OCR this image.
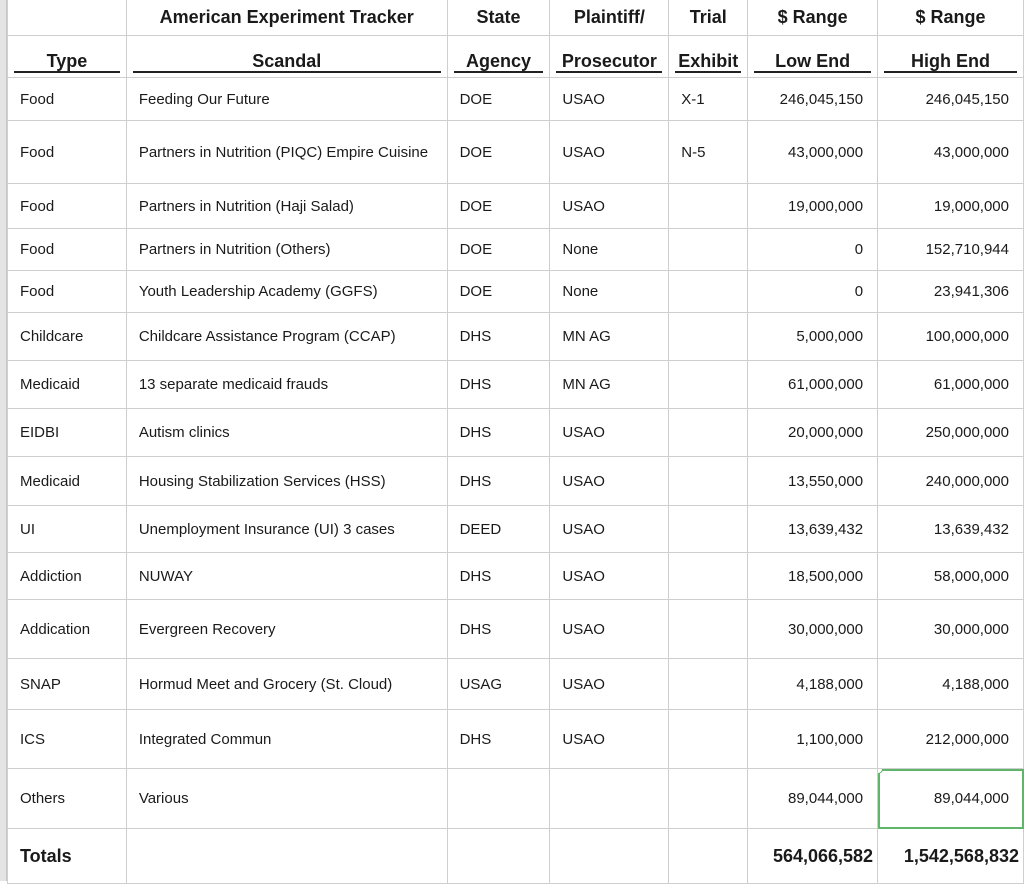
	American Experiment Tracker	State	Plaintiff/	Trial	$ Range	$ Range
Type	Scandal	Agency	Prosecutor	Exhibit	Low End	High End
Food	Feeding Our Future	DOE	USAO	X-1	246,045,150	246,045,150
Food	Partners in Nutrition (PIQC) Empire Cuisine	DOE	USAO	N-5	43,000,000	43,000,000
Food	Partners in Nutrition (Haji Salad)	DOE	USAO		19,000,000	19,000,000
Food	Partners in Nutrition (Others)	DOE	None		0	152,710,944
Food	Youth Leadership Academy (GGFS)	DOE	None		0	23,941,306
Childcare	Childcare Assistance Program (CCAP)	DHS	MN AG		5,000,000	100,000,000
Medicaid	13 separate medicaid frauds	DHS	MN AG		61,000,000	61,000,000
EIDBI	Autism clinics	DHS	USAO		20,000,000	250,000,000
Medicaid	Housing Stabilization Services (HSS)	DHS	USAO		13,550,000	240,000,000
UI	Unemployment Insurance (UI) 3 cases	DEED	USAO		13,639,432	13,639,432
Addiction	NUWAY	DHS	USAO		18,500,000	58,000,000
Addication	Evergreen Recovery	DHS	USAO		30,000,000	30,000,000
SNAP	Hormud Meet and Grocery (St. Cloud)	USAG	USAO		4,188,000	4,188,000
ICS	Integrated Commun	DHS	USAO		1,100,000	212,000,000
Others	Various				89,044,000	89,044,000

Totals					564,066,582	1,542,568,832
